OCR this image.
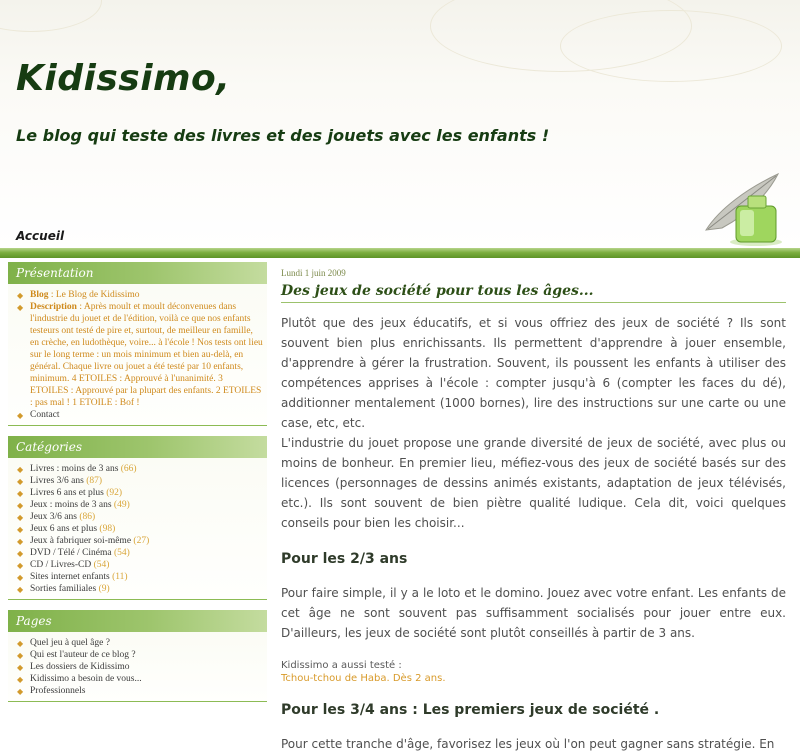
Kidissimo,
Le blog qui teste des livres et des jouets avec les enfants !
Accueil
Présentation
◆ Blog : Le Blog de Kidissimo
◆ Description : Après moult et moult déconvenues dans l'industrie du jouet et de l'édition, voilà ce que nos enfants testeurs ont testé de pire et, surtout, de meilleur en famille, en crèche, en ludothèque, voire... à l'école ! Nos tests ont lieu sur le long terme : un mois minimum et bien au-delà, en général. Chaque livre ou jouet a été testé par 10 enfants, minimum. 4 ETOILES : Approuvé à l'unanimité. 3 ETOILES : Approuvé par la plupart des enfants. 2 ETOILES : pas mal ! 1 ETOILE : Bof !
◆ Contact
Catégories
◆ Livres : moins de 3 ans (66)
◆ Livres 3/6 ans (87)
◆ Livres 6 ans et plus (92)
◆ Jeux : moins de 3 ans (49)
◆ Jeux 3/6 ans (86)
◆ Jeux 6 ans et plus (98)
◆ Jeux à fabriquer soi-même (27)
◆ DVD / Télé / Cinéma (54)
◆ CD / Livres-CD (54)
◆ Sites internet enfants (11)
◆ Sorties familiales (9)
Pages
◆ Quel jeu à quel âge ?
◆ Qui est l'auteur de ce blog ?
◆ Les dossiers de Kidissimo
◆ Kidissimo a besoin de vous...
◆ Professionnels
Lundi 1 juin 2009
Des jeux de société pour tous les âges...

Plutôt que des jeux éducatifs, et si vous offriez des jeux de société ? Ils sont souvent bien plus enrichissants. Ils permettent d'apprendre à jouer ensemble, d'apprendre à gérer la frustration. Souvent, ils poussent les enfants à utiliser des compétences apprises à l'école : compter jusqu'à 6 (compter les faces du dé), additionner mentalement (1000 bornes), lire des instructions sur une carte ou une case, etc, etc.

L'industrie du jouet propose une grande diversité de jeux de société, avec plus ou moins de bonheur. En premier lieu, méfiez-vous des jeux de société basés sur des licences (personnages de dessins animés existants, adaptation de jeux télévisés, etc.). Ils sont souvent de bien piètre qualité ludique. Cela dit, voici quelques conseils pour bien les choisir...

Pour les 2/3 ans

Pour faire simple, il y a le loto et le domino. Jouez avec votre enfant. Les enfants de cet âge ne sont souvent pas suffisamment socialisés pour jouer entre eux. D'ailleurs, les jeux de société sont plutôt conseillés à partir de 3 ans.

Kidissimo a aussi testé :
Tchou-tchou de Haba. Dès 2 ans.
Pour les 3/4 ans : Les premiers jeux de société .

Pour cette tranche d'âge, favorisez les jeux où l'on peut gagner sans stratégie. En
